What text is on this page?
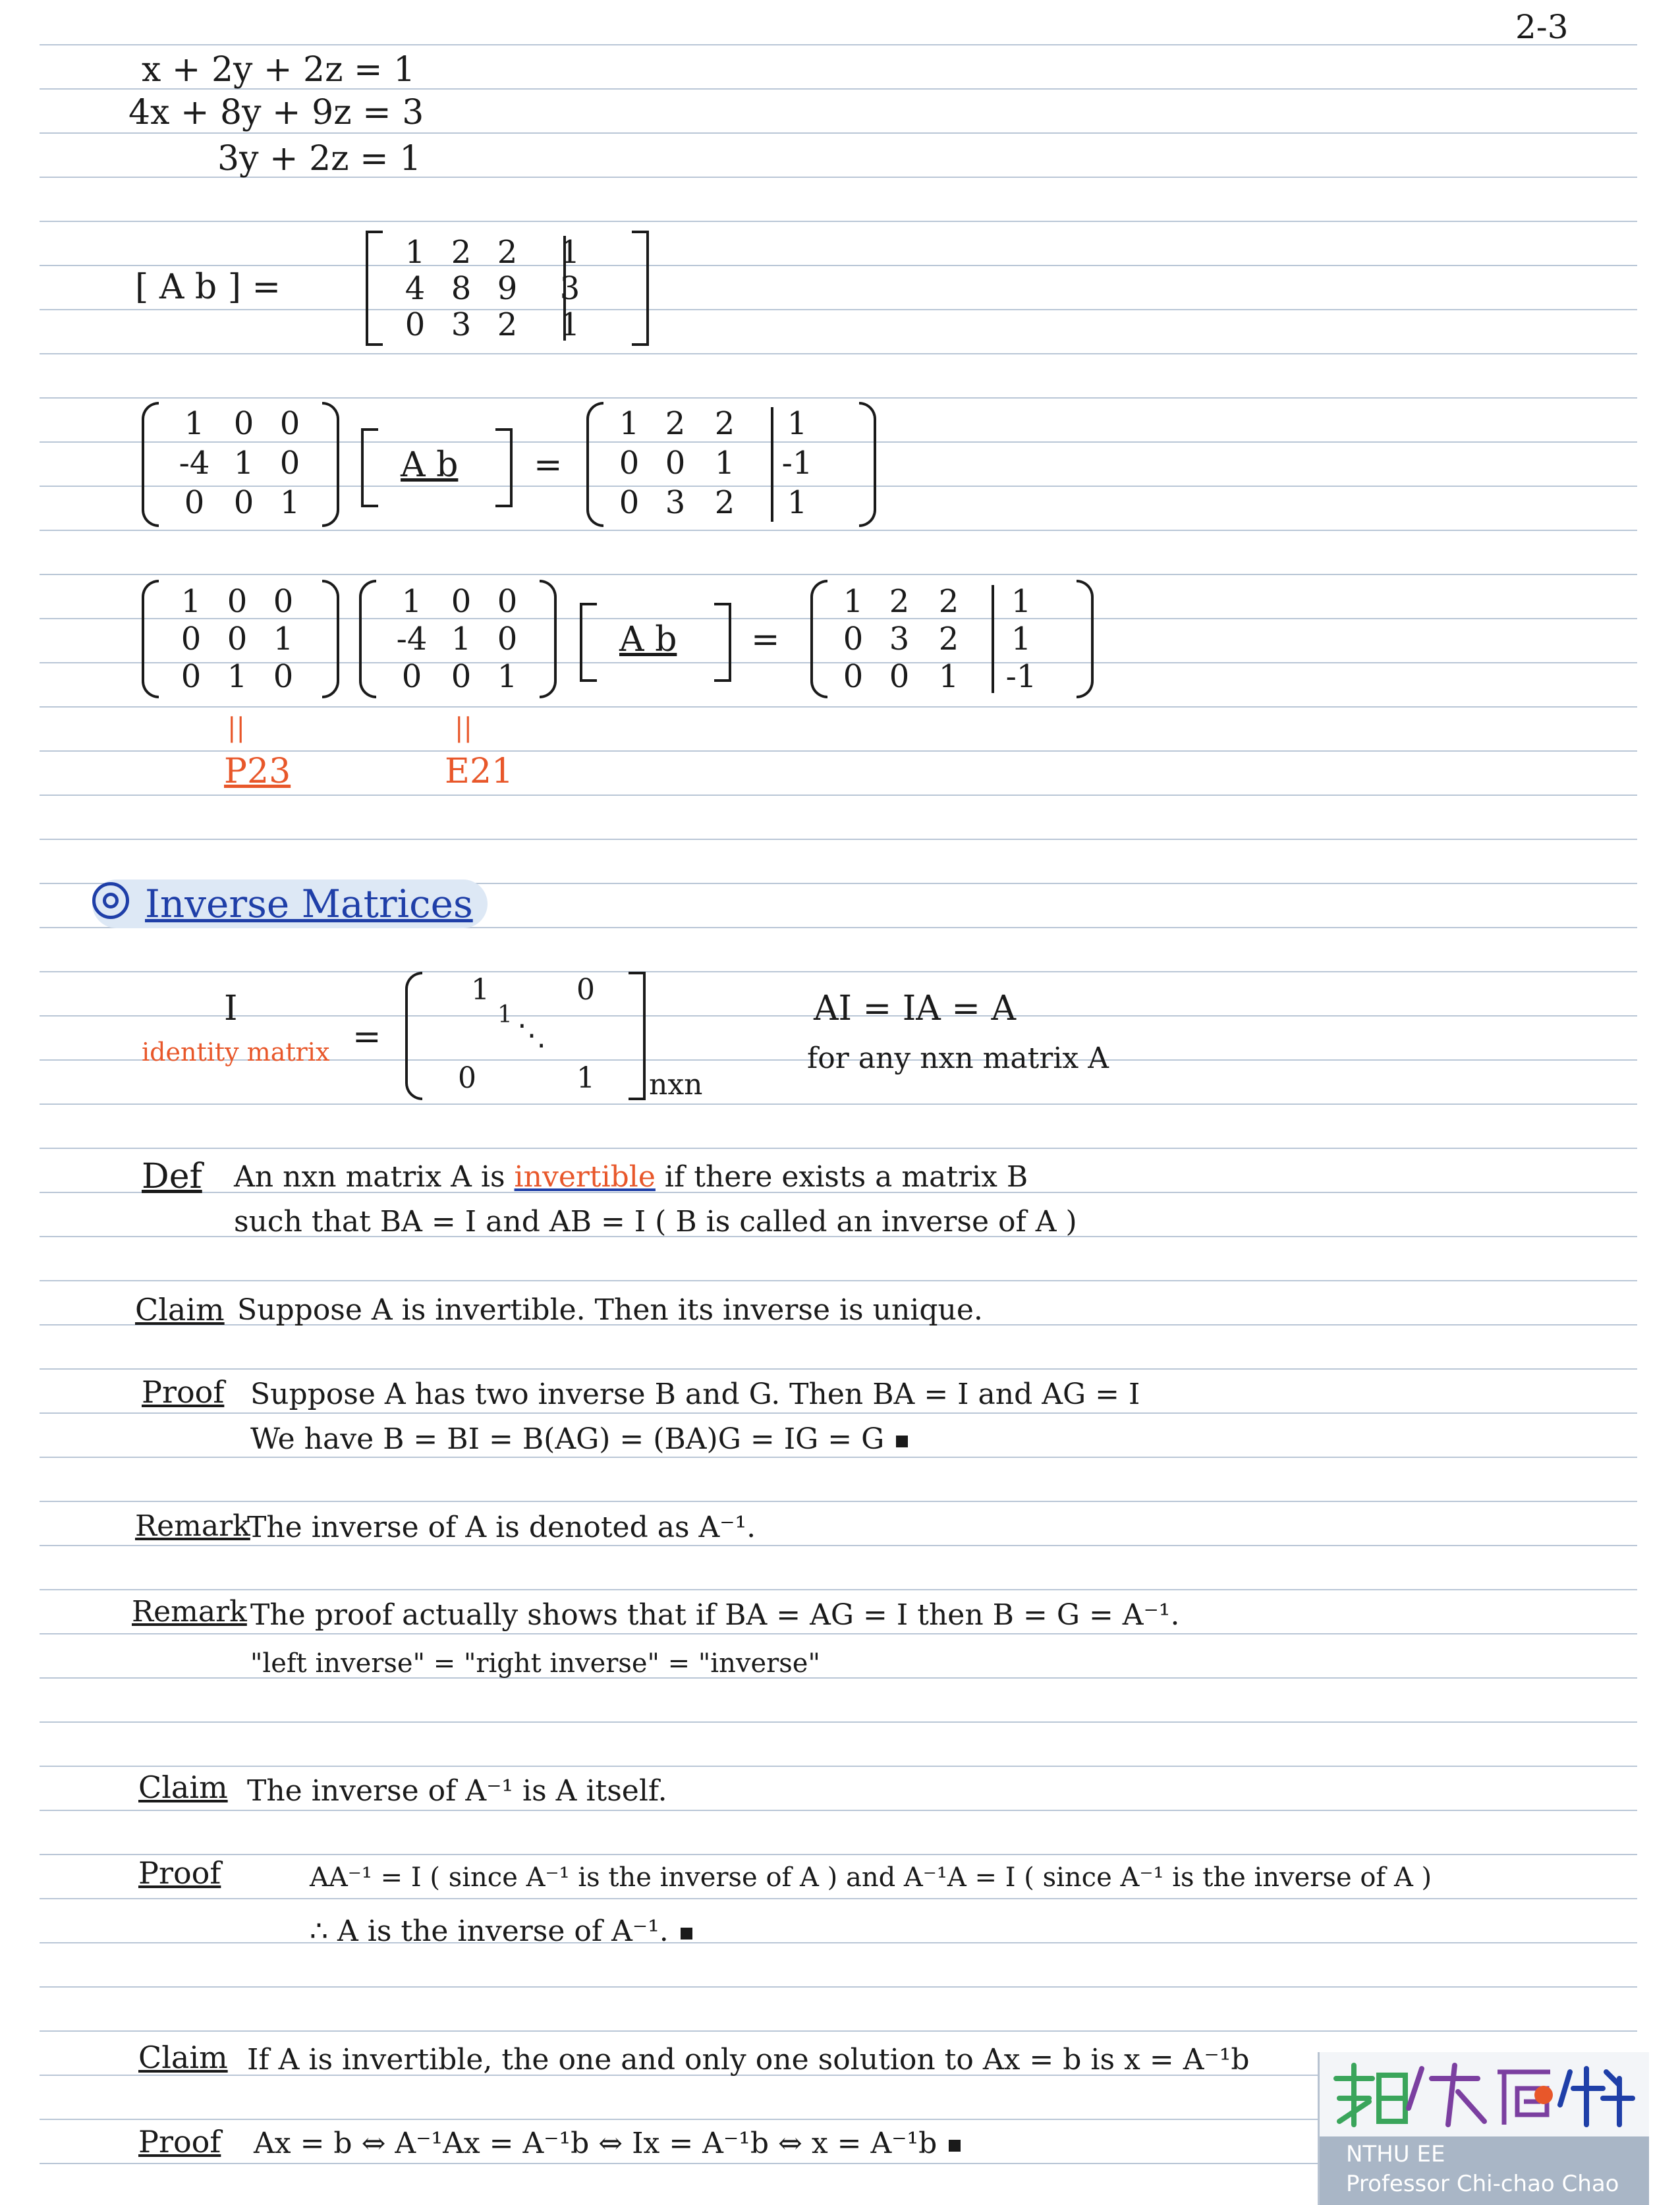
2-3
x + 2y + 2z = 1
4x + 8y + 9z = 3
3y + 2z = 1
[ A b ] =
1 2 2	1
4 8 9	3
0 3 2	1
1 0 0
-4 1 0
0 0 1
A b =
1 2 2	1
0 0 1	-1
0 3 2	1
1 0 0
0 0 1
0 1 0
1 0 0
-4 1 0
0 0 1
A b =
1 2 2	1
0 3 2	1
0 0 1	-1
||
P23
||
E21
Inverse Matrices
I
identity matrix =
1	0
1
⋱
0	1 nxn
AI = IA = A
for any nxn matrix A
Def An nxn matrix A is invertible if there exists a matrix B
such that BA = I and AB = I ( B is called an inverse of A )
Claim Suppose A is invertible. Then its inverse is unique.
Proof Suppose A has two inverse B and G. Then BA = I and AG = I
We have B = BI = B(AG) = (BA)G = IG = G
Remark
The inverse of A is denoted as A⁻¹.
Remark The proof actually shows that if BA = AG = I then B = G = A⁻¹.
"left inverse" = "right inverse" = "inverse"
Claim The inverse of A⁻¹ is A itself.
Proof	AA⁻¹ = I ( since A⁻¹ is the inverse of A ) and A⁻¹A = I ( since A⁻¹ is the inverse of A )
∴ A is the inverse of A⁻¹.
Claim If A is invertible, the one and only one solution to Ax = b is x = A⁻¹b
Proof Ax = b ⇔ A⁻¹Ax = A⁻¹b ⇔ Ix = A⁻¹b ⇔ x = A⁻¹b	NTHU EE
Professor Chi-chao Chao
